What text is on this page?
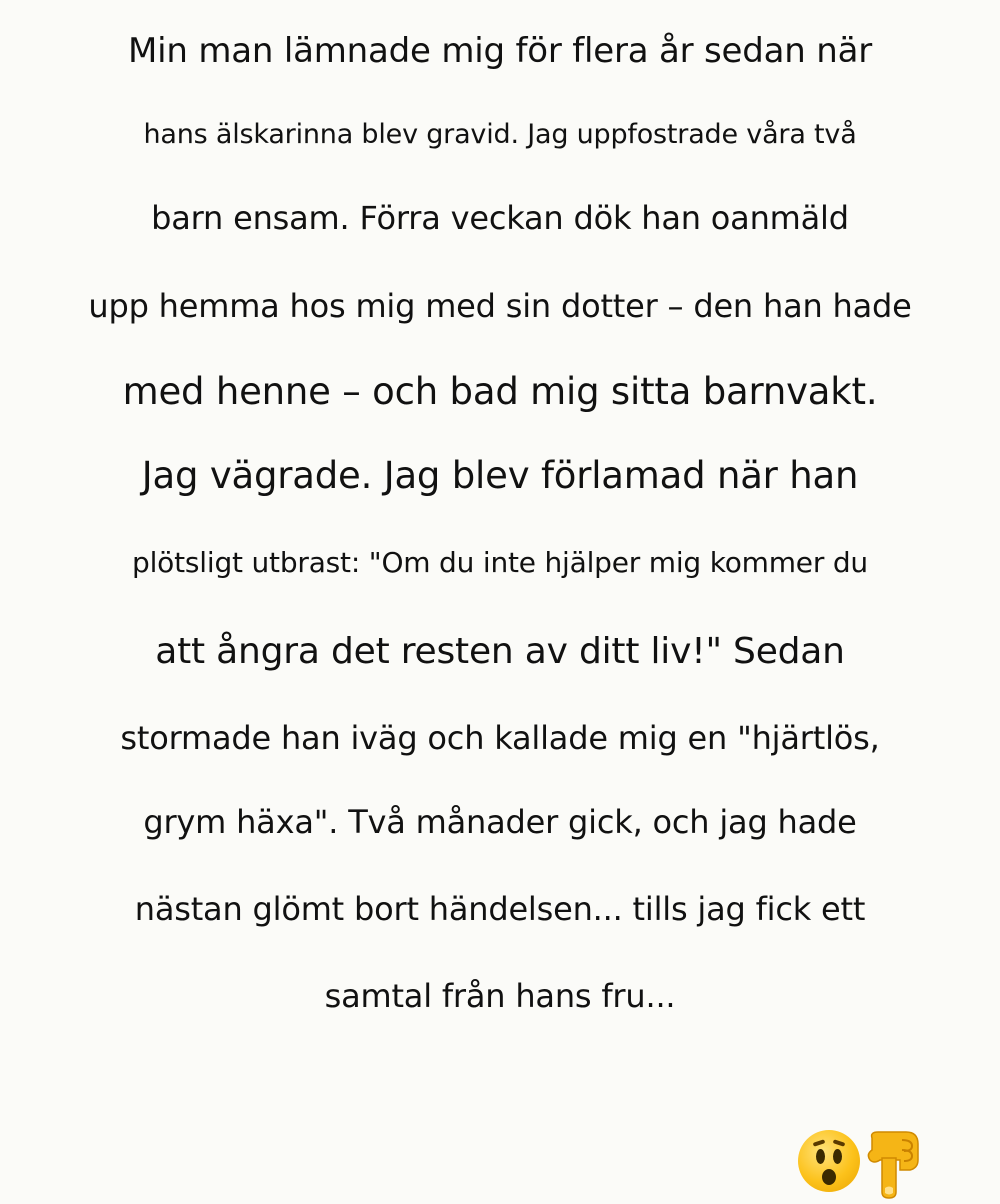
Min man lämnade mig för flera år sedan när
hans älskarinna blev gravid. Jag uppfostrade våra två
barn ensam. Förra veckan dök han oanmäld
upp hemma hos mig med sin dotter – den han hade
med henne – och bad mig sitta barnvakt.
Jag vägrade. Jag blev förlamad när han
plötsligt utbrast: "Om du inte hjälper mig kommer du
att ångra det resten av ditt liv!" Sedan
stormade han iväg och kallade mig en "hjärtlös,
grym häxa". Två månader gick, och jag hade
nästan glömt bort händelsen... tills jag fick ett
samtal från hans fru...
